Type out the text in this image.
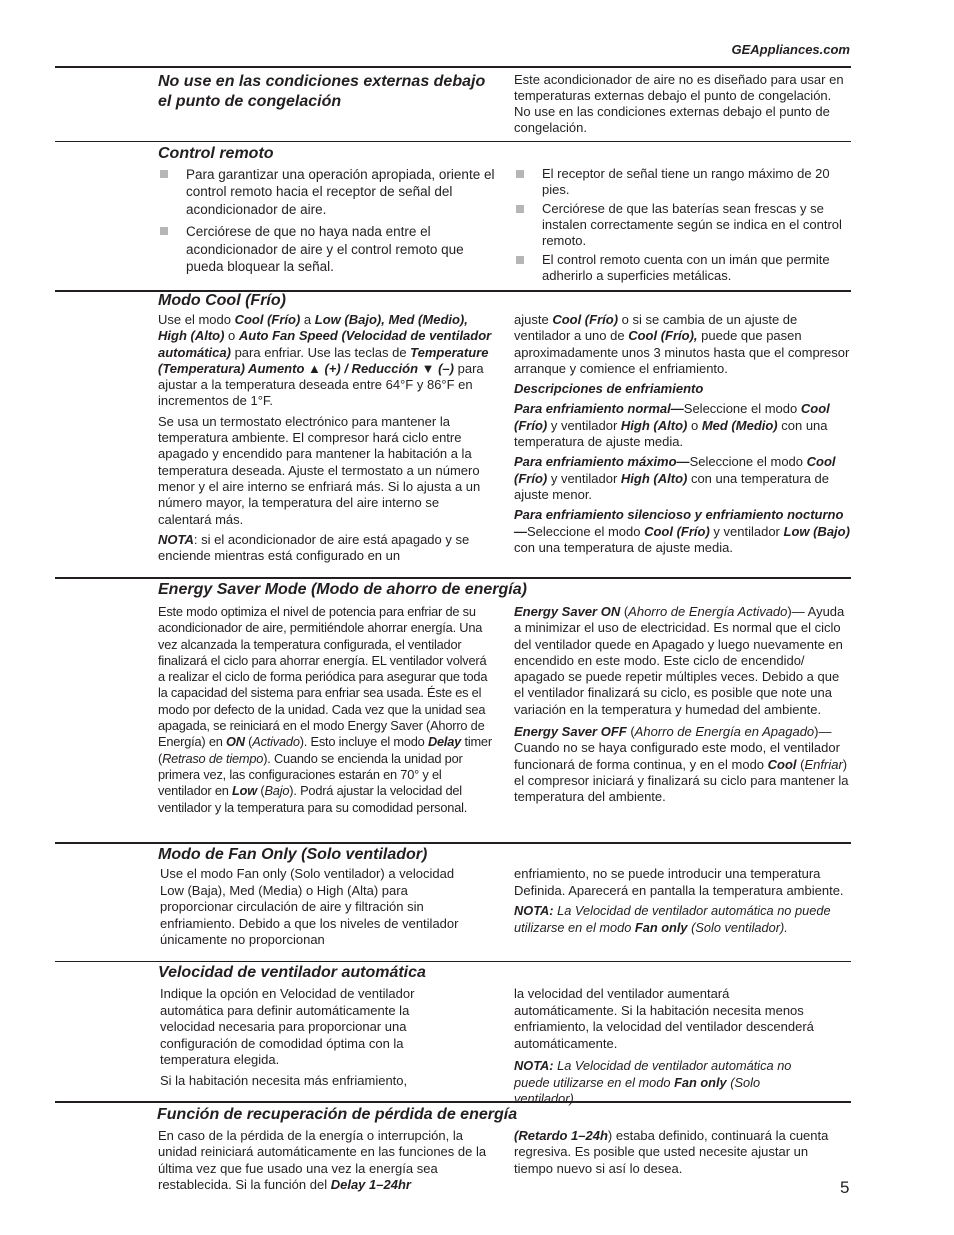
GEAppliances.com
No use en las condiciones externas debajo el punto de congelación
Este acondicionador de aire no es diseñado para usar en temperaturas externas debajo el punto de congelación. No use en las condiciones externas debajo el punto de congelación.
Control remoto
Para garantizar una operación apropiada, oriente el control remoto hacia el receptor de señal del acondicionador de aire.
Cerciórese de que no haya nada entre el acondicionador de aire y el control remoto que pueda bloquear la señal.
El receptor de señal tiene un rango máximo de 20 pies.
Cerciórese de que las baterías sean frescas y se instalen correctamente según se indica en el control remoto.
El control remoto cuenta con un imán que permite adherirlo a superficies metálicas.
Modo Cool (Frío)

Use el modo Cool (Frío) a Low (Bajo), Med (Medio), High (Alto) o Auto Fan Speed (Velocidad de ventilador automática) para enfriar. Use las teclas de Temperature (Temperatura) Aumento ▲ (+) / Reducción ▼ (–) para ajustar a la temperatura deseada entre 64°F y 86°F en incrementos de 1°F.

Se usa un termostato electrónico para mantener la temperatura ambiente. El compresor hará ciclo entre apagado y encendido para mantener la habitación a la temperatura deseada. Ajuste el termostato a un número menor y el aire interno se enfriará más. Si lo ajusta a un número mayor, la temperatura del aire interno se calentará más.

NOTA: si el acondicionador de aire está apagado y se enciende mientras está configurado en un

ajuste Cool (Frío) o si se cambia de un ajuste de ventilador a uno de Cool (Frío), puede que pasen aproximadamente unos 3 minutos hasta que el compresor arranque y comience el enfriamiento.

Descripciones de enfriamiento

Para enfriamiento normal—Seleccione el modo Cool (Frío) y ventilador High (Alto) o Med (Medio) con una temperatura de ajuste media.

Para enfriamiento máximo—Seleccione el modo Cool (Frío) y ventilador High (Alto) con una temperatura de ajuste menor.

Para enfriamiento silencioso y enfriamiento nocturno—Seleccione el modo Cool (Frío) y ventilador Low (Bajo) con una temperatura de ajuste media.

Energy Saver Mode (Modo de ahorro de energía)

Este modo optimiza el nivel de potencia para enfriar de su acondicionador de aire, permitiéndole ahorrar energía. Una vez alcanzada la temperatura configurada, el ventilador finalizará el ciclo para ahorrar energía. EL ventilador volverá a realizar el ciclo de forma periódica para asegurar que toda la capacidad del sistema para enfriar sea usada. Éste es el modo por defecto de la unidad. Cada vez que la unidad sea apagada, se reiniciará en el modo Energy Saver (Ahorro de Energía) en ON (Activado). Esto incluye el modo Delay timer (Retraso de tiempo). Cuando se encienda la unidad por primera vez, las configuraciones estarán en 70° y el ventilador en Low (Bajo). Podrá ajustar la velocidad del ventilador y la temperatura para su comodidad personal.

Energy Saver ON (Ahorro de Energía Activado)— Ayuda a minimizar el uso de electricidad. Es normal que el ciclo del ventilador quede en Apagado y luego nuevamente en encendido en este modo. Este ciclo de encendido/ apagado se puede repetir múltiples veces. Debido a que el ventilador finalizará su ciclo, es posible que note una variación en la temperatura y humedad del ambiente.

Energy Saver OFF (Ahorro de Energía en Apagado)— Cuando no se haya configurado este modo, el ventilador funcionará de forma continua, y en el modo Cool (Enfriar) el compresor iniciará y finalizará su ciclo para mantener la temperatura del ambiente.

Modo de Fan Only (Solo ventilador)

Use el modo Fan only (Solo ventilador) a velocidad Low (Baja), Med (Media) o High (Alta) para proporcionar circulación de aire y filtración sin enfriamiento. Debido a que los niveles de ventilador únicamente no proporcionan

enfriamiento, no se puede introducir una temperatura Definida. Aparecerá en pantalla la temperatura ambiente.

NOTA: La Velocidad de ventilador automática no puede utilizarse en el modo Fan only (Solo ventilador).

Velocidad de ventilador automática

Indique la opción en Velocidad de ventilador automática para definir automáticamente la velocidad necesaria para proporcionar una configuración de comodidad óptima con la temperatura elegida.

Si la habitación necesita más enfriamiento,

la velocidad del ventilador aumentará automáticamente. Si la habitación necesita menos enfriamiento, la velocidad del ventilador descenderá automáticamente.

NOTA: La Velocidad de ventilador automática no puede utilizarse en el modo Fan only (Solo ventilador).

Función de recuperación de pérdida de energía

En caso de la pérdida de la energía o interrupción, la unidad reiniciará automáticamente en las funciones de la última vez que fue usado una vez la energía sea restablecida. Si la función del Delay 1–24hr

(Retardo 1–24h) estaba definido, continuará la cuenta regresiva. Es posible que usted necesite ajustar un tiempo nuevo si así lo desea.

5
